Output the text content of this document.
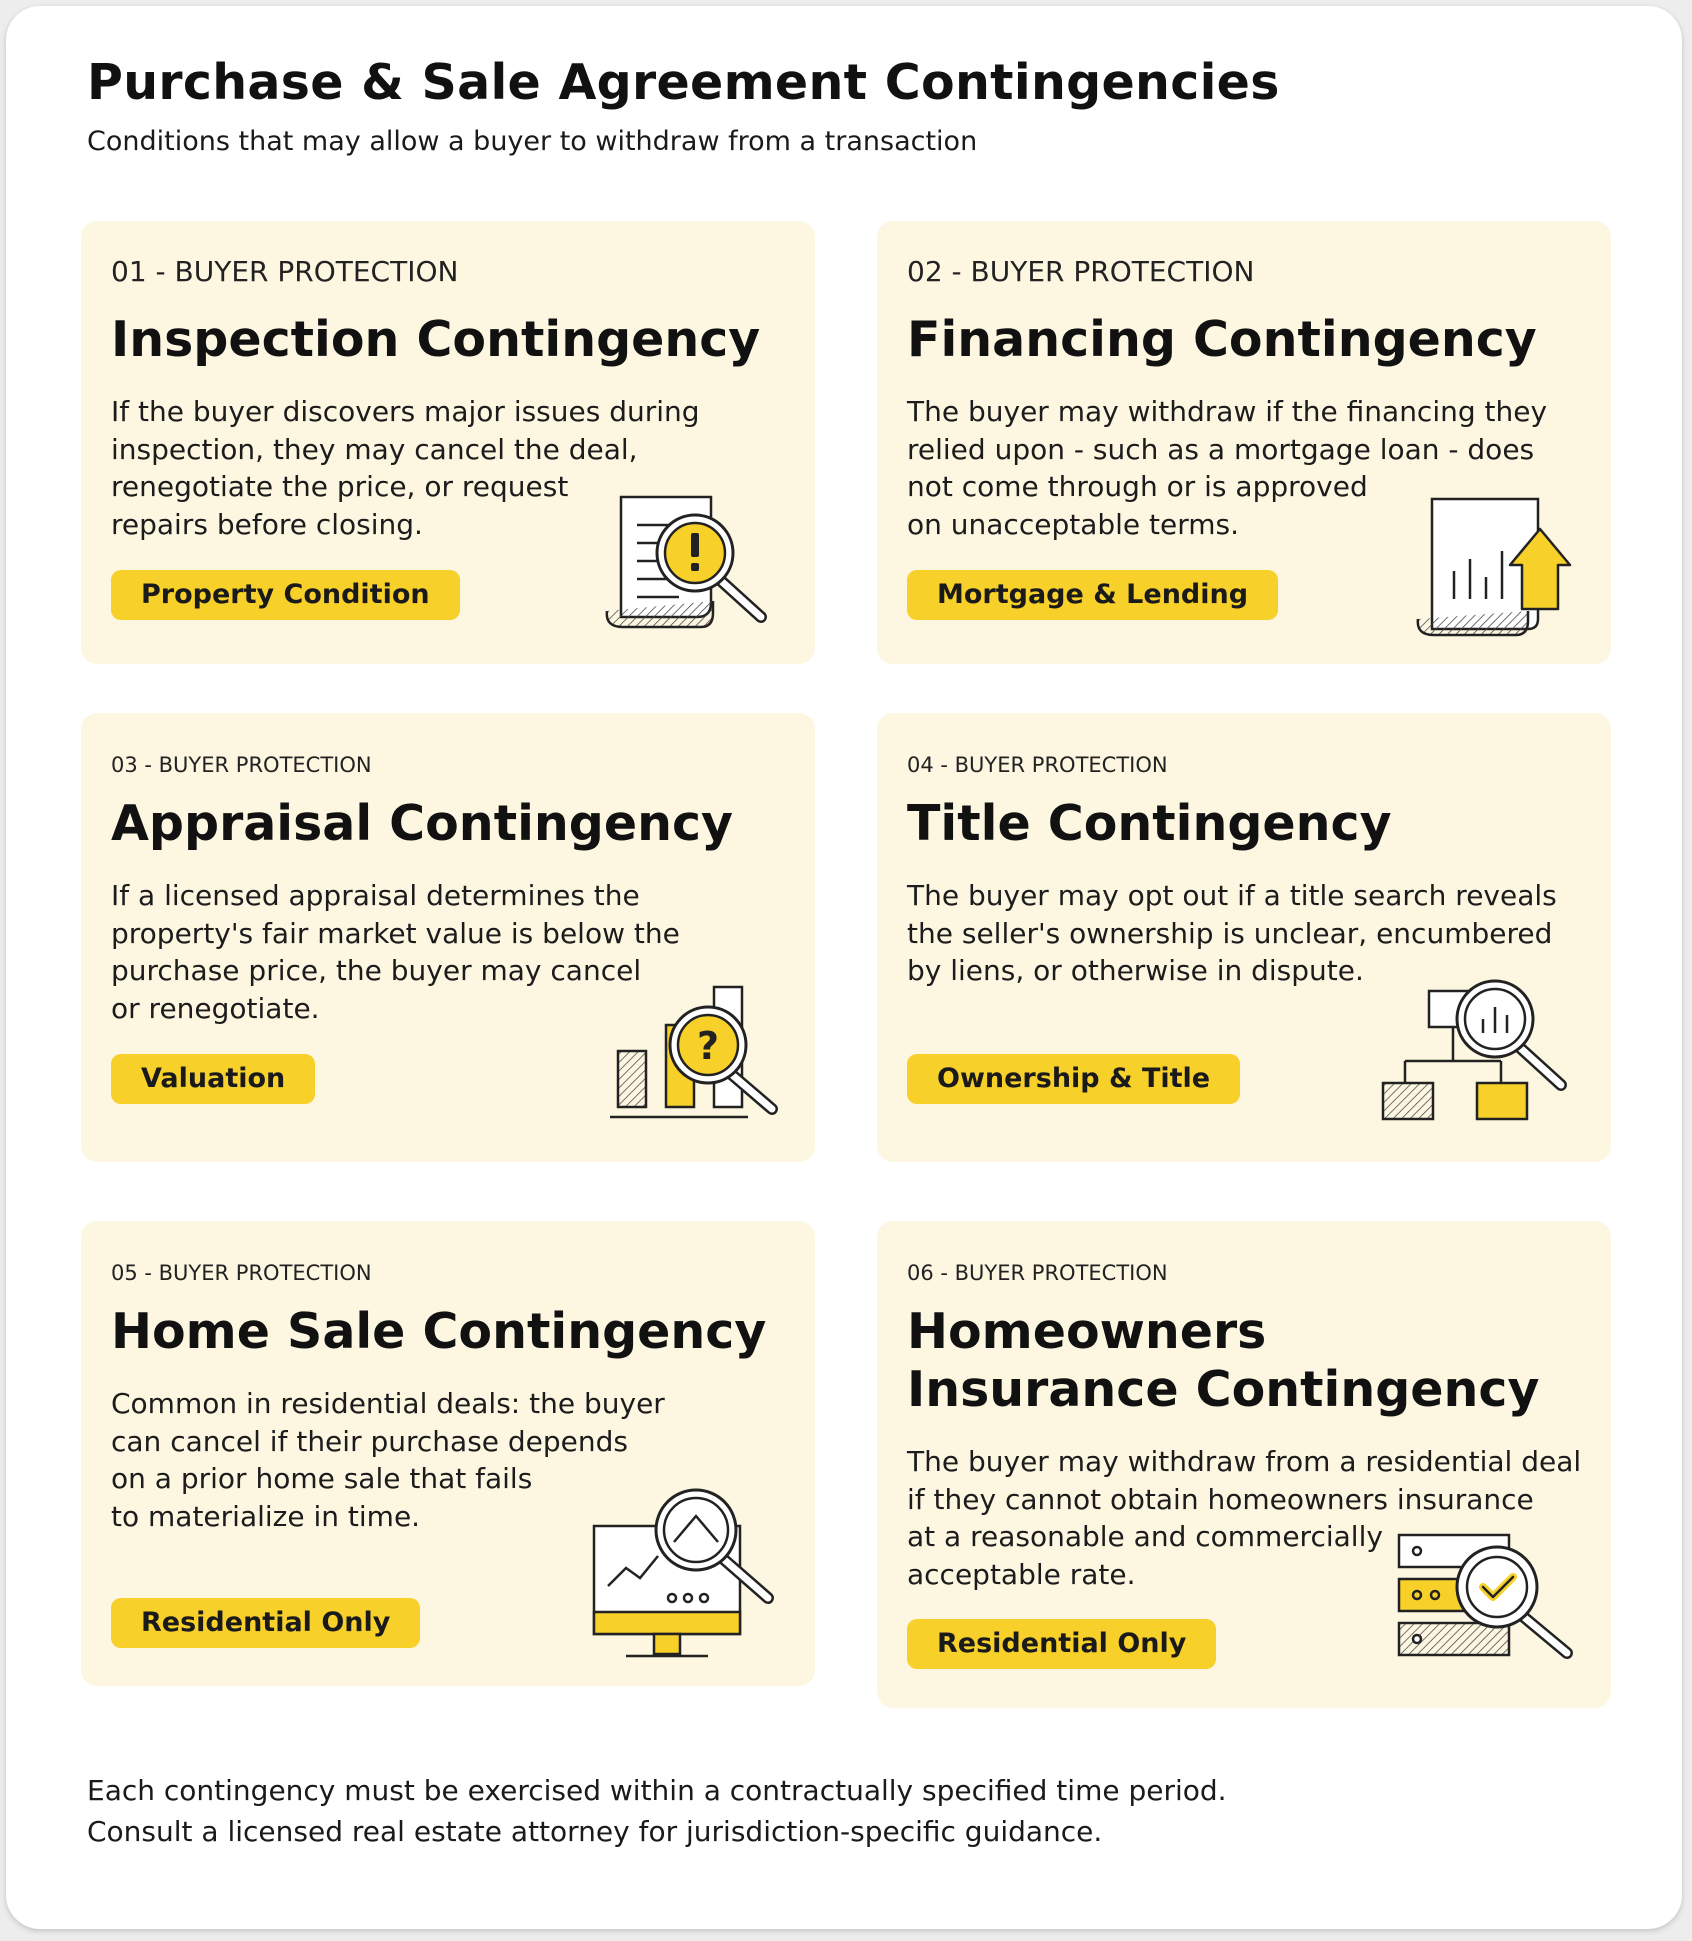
Purchase & Sale Agreement Contingencies
Conditions that may allow a buyer to withdraw from a transaction
01 - BUYER PROTECTION
Inspection Contingency

If the buyer discovers major issues during
inspection, they may cancel the deal,
renegotiate the price, or request
repairs before closing.

Property Condition
02 - BUYER PROTECTION
Financing Contingency

The buyer may withdraw if the financing they
relied upon - such as a mortgage loan - does
not come through or is approved
on unacceptable terms.

Mortgage & Lending
03 - BUYER PROTECTION
Appraisal Contingency

If a licensed appraisal determines the
property's fair market value is below the
purchase price, the buyer may cancel
or renegotiate.

Valuation
?
04 - BUYER PROTECTION
Title Contingency

The buyer may opt out if a title search reveals
the seller's ownership is unclear, encumbered
by liens, or otherwise in dispute.

Ownership & Title
05 - BUYER PROTECTION
Home Sale Contingency

Common in residential deals: the buyer
can cancel if their purchase depends
on a prior home sale that fails
to materialize in time.

Residential Only
06 - BUYER PROTECTION
Homeowners Insurance Contingency

The buyer may withdraw from a residential deal
if they cannot obtain homeowners insurance
at a reasonable and commercially
acceptable rate.

Residential Only

Each contingency must be exercised within a contractually specified time period.
Consult a licensed real estate attorney for jurisdiction-specific guidance.
